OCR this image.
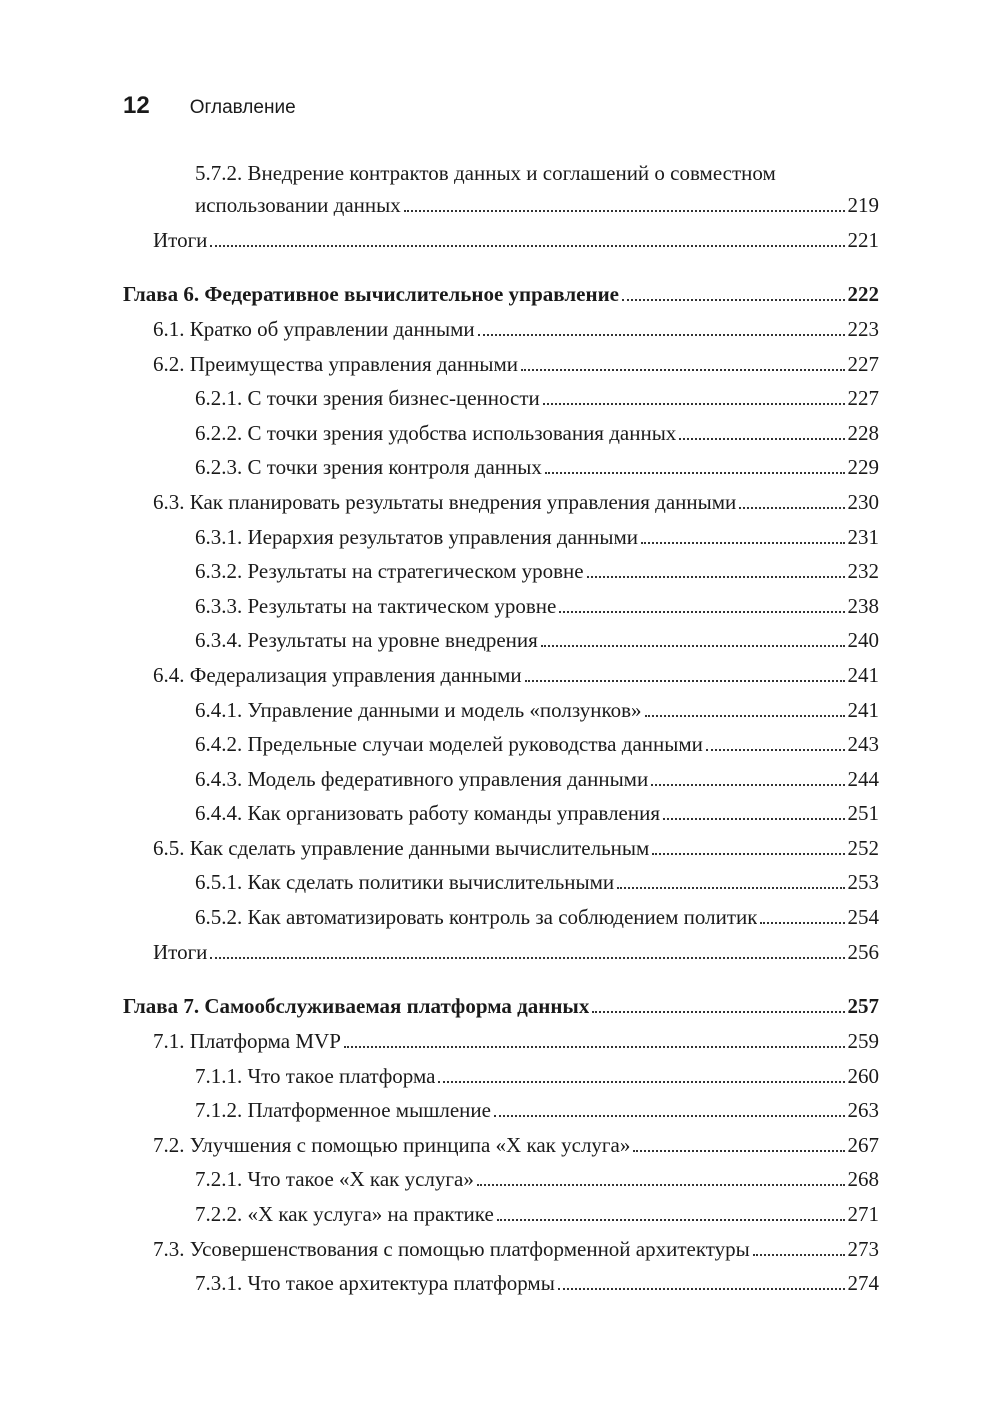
12 Оглавление
5.7.2. Внедрение контрактов данных и соглашений о совместном
использовании данных	219
Итоги	221
Глава 6. Федеративное вычислительное управление	222
6.1. Кратко об управлении данными	223
6.2. Преимущества управления данными	227
6.2.1. С точки зрения бизнес-ценности	227
6.2.2. С точки зрения удобства использования данных	228
6.2.3. С точки зрения контроля данных	229
6.3. Как планировать результаты внедрения управления данными	230
6.3.1. Иерархия результатов управления данными	231
6.3.2. Результаты на стратегическом уровне	232
6.3.3. Результаты на тактическом уровне	238
6.3.4. Результаты на уровне внедрения	240
6.4. Федерализация управления данными	241
6.4.1. Управление данными и модель «ползунков»	241
6.4.2. Предельные случаи моделей руководства данными	243
6.4.3. Модель федеративного управления данными	244
6.4.4. Как организовать работу команды управления	251
6.5. Как сделать управление данными вычислительным	252
6.5.1. Как сделать политики вычислительными	253
6.5.2. Как автоматизировать контроль за соблюдением политик	254
Итоги	256
Глава 7. Самообслуживаемая платформа данных	257
7.1. Платформа MVP	259
7.1.1. Что такое платформа	260
7.1.2. Платформенное мышление	263
7.2. Улучшения с помощью принципа «X как услуга»	267
7.2.1. Что такое «X как услуга»	268
7.2.2. «X как услуга» на практике	271
7.3. Усовершенствования с помощью платформенной архитектуры	273
7.3.1. Что такое архитектура платформы	274
